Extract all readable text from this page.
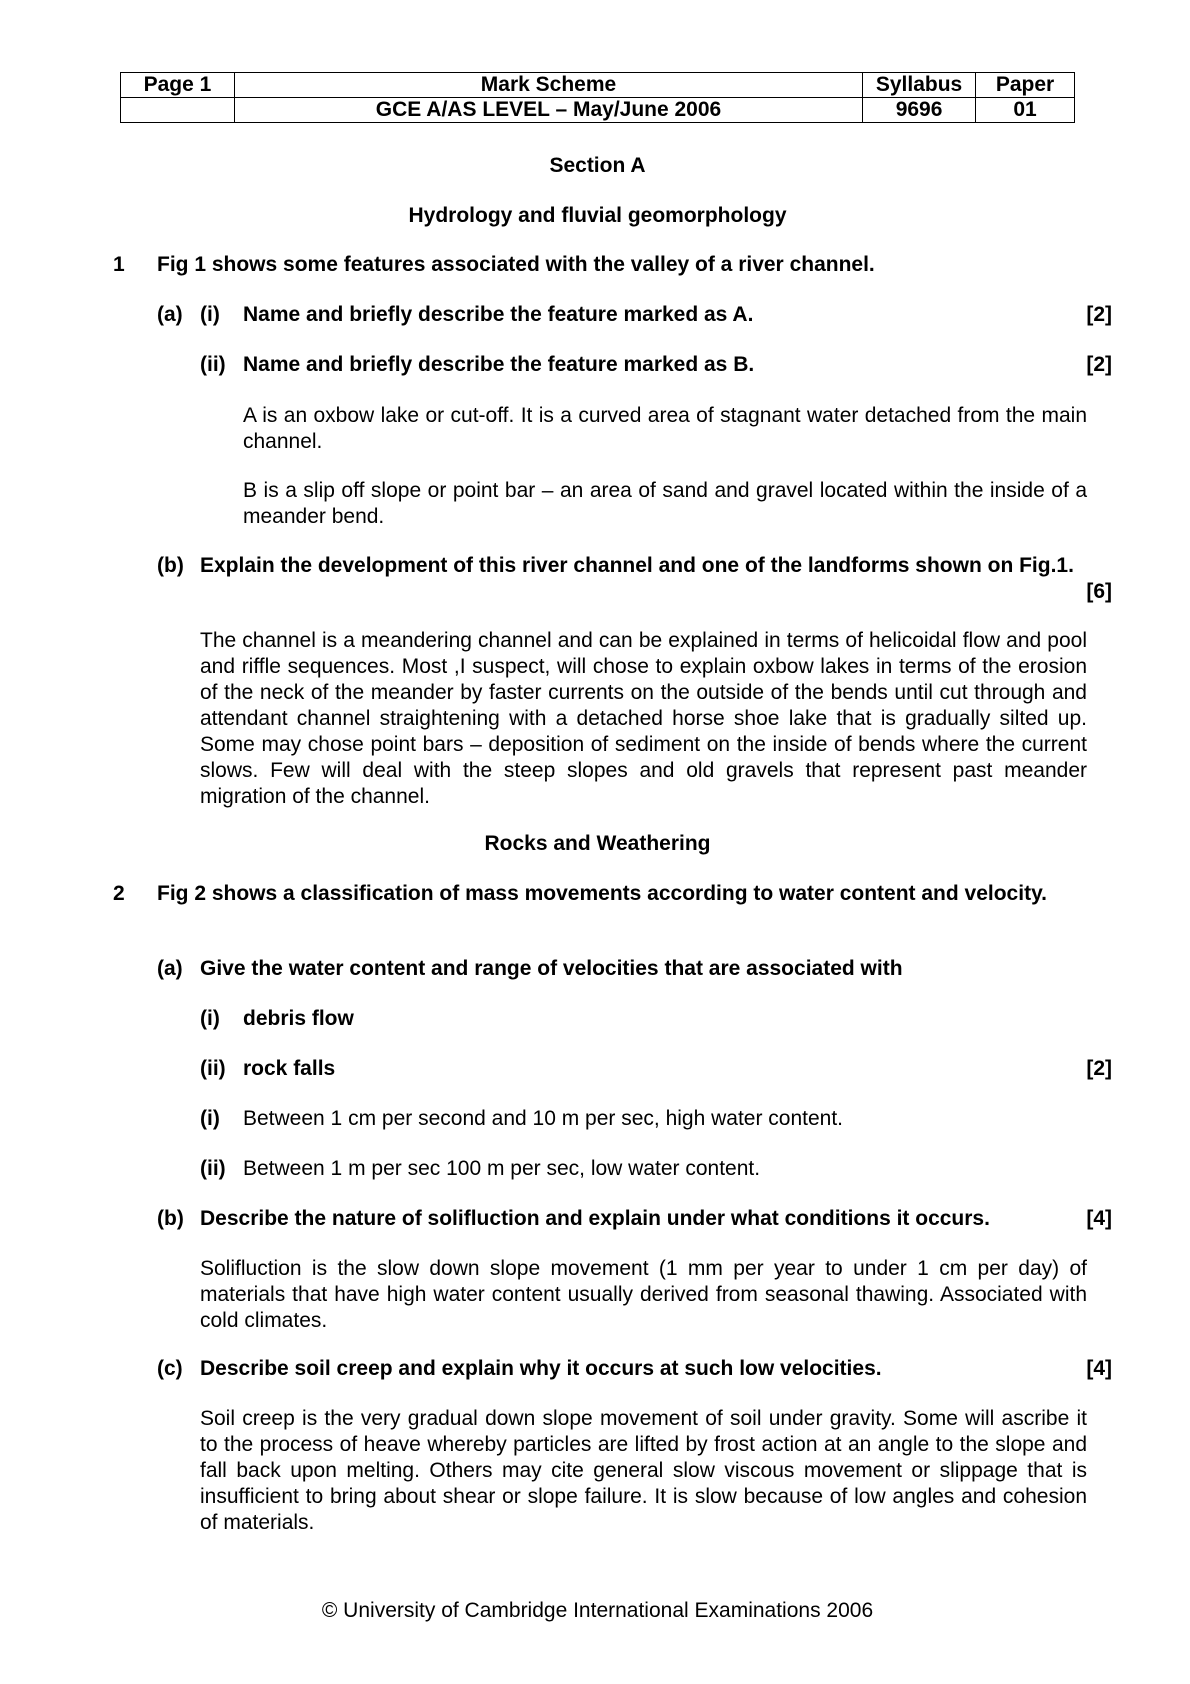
Page 1	Mark Scheme	Syllabus	Paper
	GCE A/AS LEVEL – May/June 2006	9696	01
Section A
Hydrology and fluvial geomorphology
1 Fig 1 shows some features associated with the valley of a river channel.
(a) (i) Name and briefly describe the feature marked as A.	[2]
(ii) Name and briefly describe the feature marked as B.	[2]
A is an oxbow lake or cut-off. It is a curved area of stagnant water detached from the main channel.
B is a slip off slope or point bar – an area of sand and gravel located within the inside of a meander bend.
(b) Explain the development of this river channel and one of the landforms shown on Fig.1.
[6]
The channel is a meandering channel and can be explained in terms of helicoidal flow and pool and riffle sequences. Most ,I suspect, will chose to explain oxbow lakes in terms of the erosion of the neck of the meander by faster currents on the outside of the bends until cut through and attendant channel straightening with a detached horse shoe lake that is gradually silted up. Some may chose point bars – deposition of sediment on the inside of bends where the current slows. Few will deal with the steep slopes and old gravels that represent past meander migration of the channel.
Rocks and Weathering
2 Fig 2 shows a classification of mass movements according to water content and velocity.
(a) Give the water content and range of velocities that are associated with
(i) debris flow
(ii) rock falls	[2]
(i) Between 1 cm per second and 10 m per sec, high water content.
(ii) Between 1 m per sec 100 m per sec, low water content.
(b) Describe the nature of solifluction and explain under what conditions it occurs.	[4]
Solifluction is the slow down slope movement (1 mm per year to under 1 cm per day) of materials that have high water content usually derived from seasonal thawing. Associated with cold climates.
(c) Describe soil creep and explain why it occurs at such low velocities.	[4]
Soil creep is the very gradual down slope movement of soil under gravity. Some will ascribe it to the process of heave whereby particles are lifted by frost action at an angle to the slope and fall back upon melting. Others may cite general slow viscous movement or slippage that is insufficient to bring about shear or slope failure. It is slow because of low angles and cohesion of materials.
© University of Cambridge International Examinations 2006
